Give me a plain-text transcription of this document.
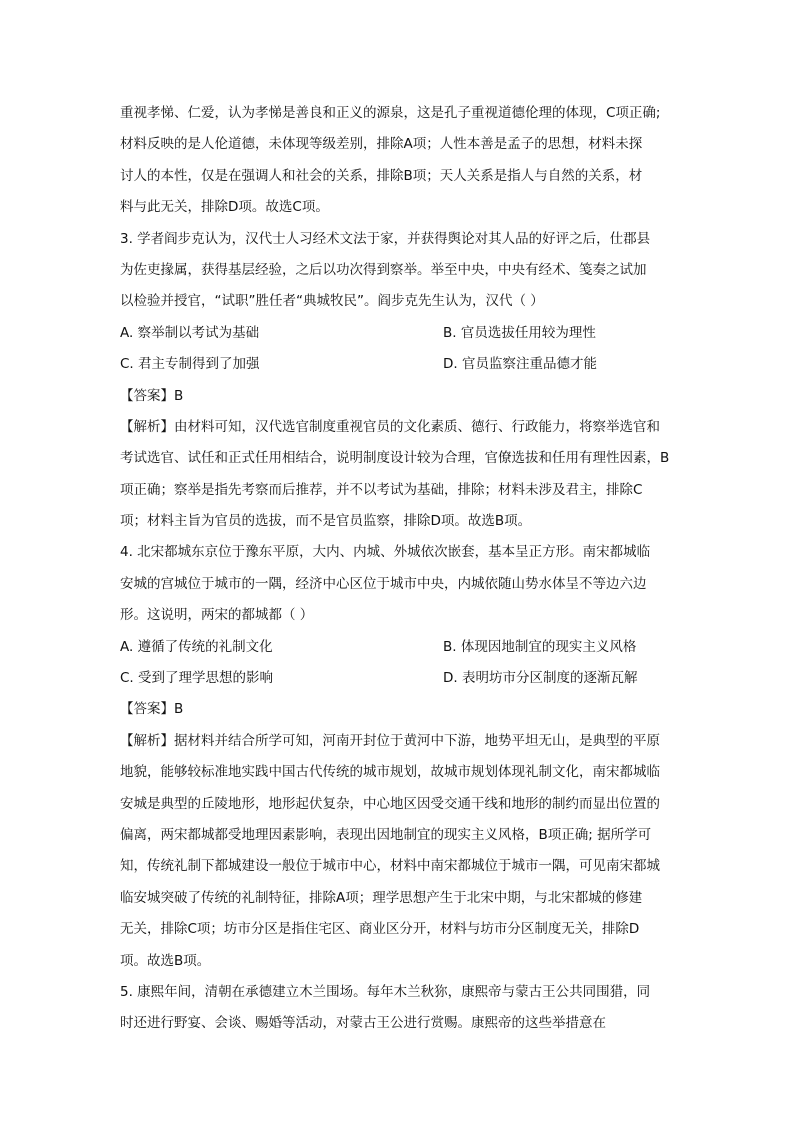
重视孝悌、仁爱，认为孝悌是善良和正义的源泉，这是孔子重视道德伦理的体现，C项正确;
材料反映的是人伦道德，未体现等级差别，排除A项；人性本善是孟子的思想，材料未探
讨人的本性，仅是在强调人和社会的关系，排除B项；天人关系是指人与自然的关系，材
料与此无关，排除D项。故选C项。
3. 学者阎步克认为，汉代士人习经术文法于家，并获得舆论对其人品的好评之后，仕郡县
为佐吏掾属，获得基层经验，之后以功次得到察举。举至中央，中央有经术、笺奏之试加
以检验并授官，“试职”胜任者“典城牧民”。阎步克先生认为，汉代（ ）
A. 察举制以考试为基础	B. 官员选拔任用较为理性
C. 君主专制得到了加强	D. 官员监察注重品德才能
【答案】B
【解析】由材料可知，汉代选官制度重视官员的文化素质、德行、行政能力，将察举选官和
考试选官、试任和正式任用相结合，说明制度设计较为合理，官僚选拔和任用有理性因素，B
项正确；察举是指先考察而后推荐，并不以考试为基础，排除；材料未涉及君主，排除C
项；材料主旨为官员的选拔，而不是官员监察，排除D项。故选B项。
4. 北宋都城东京位于豫东平原，大内、内城、外城依次嵌套，基本呈正方形。南宋都城临
安城的宫城位于城市的一隅，经济中心区位于城市中央，内城依随山势水体呈不等边六边
形。这说明，两宋的都城都（ ）
A. 遵循了传统的礼制文化	B. 体现因地制宜的现实主义风格
C. 受到了理学思想的影响	D. 表明坊市分区制度的逐渐瓦解
【答案】B
【解析】据材料并结合所学可知，河南开封位于黄河中下游，地势平坦无山，是典型的平原
地貌，能够较标准地实践中国古代传统的城市规划，故城市规划体现礼制文化，南宋都城临
安城是典型的丘陵地形，地形起伏复杂，中心地区因受交通干线和地形的制约而显出位置的
偏离，两宋都城都受地理因素影响，表现出因地制宜的现实主义风格，B项正确; 据所学可
知，传统礼制下都城建设一般位于城市中心，材料中南宋都城位于城市一隅，可见南宋都城
临安城突破了传统的礼制特征，排除A项；理学思想产生于北宋中期，与北宋都城的修建
无关，排除C项；坊市分区是指住宅区、商业区分开，材料与坊市分区制度无关，排除D
项。故选B项。
5. 康熙年间，清朝在承德建立木兰围场。每年木兰秋狝，康熙帝与蒙古王公共同围猎，同
时还进行野宴、会谈、赐婚等活动，对蒙古王公进行赏赐。康熙帝的这些举措意在
